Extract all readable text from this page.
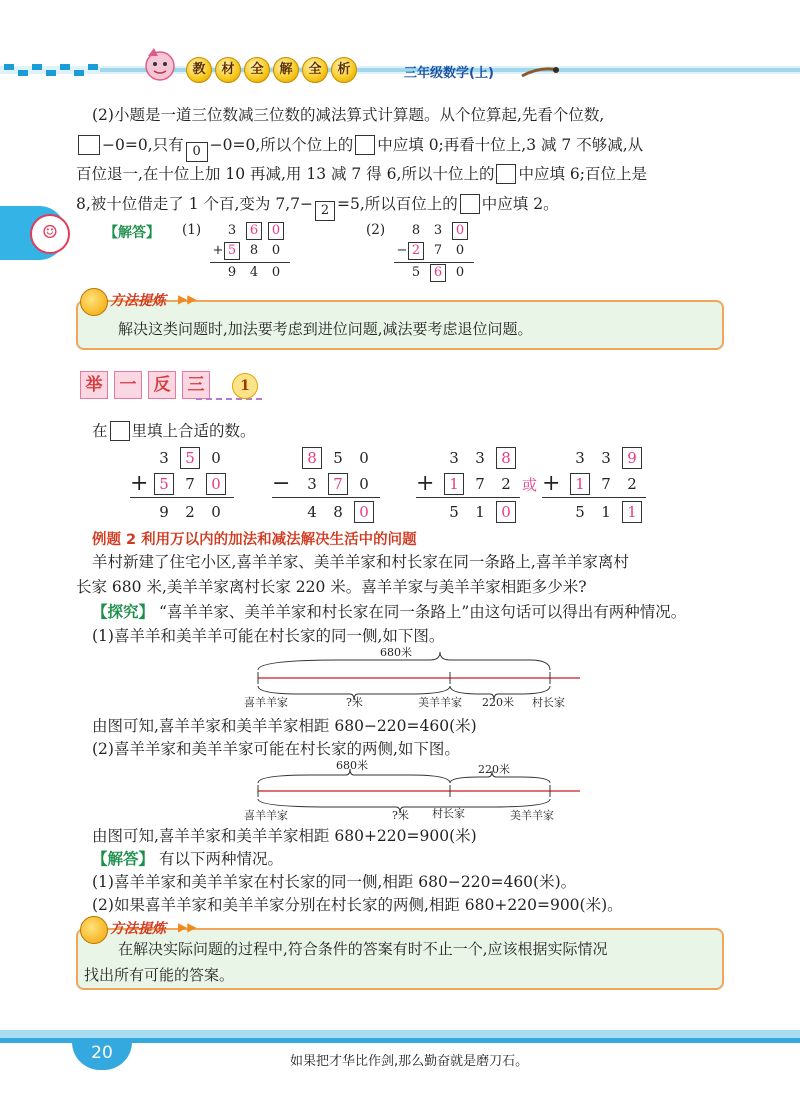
教	材	全	解	全	析	三年级数学(上)
☺
(2)小题是一道三位数减三位数的减法算式计算题。从个位算起,先看个位数,
−0=0,只有 0 −0=0,所以个位上的 中应填 0;再看十位上,3 减 7 不够减,从
百位退一,在十位上加 10 再减,用 13 减 7 得 6,所以十位上的 中应填 6;百位上是
8,被十位借走了 1 个百,变为 7,7− 2 =5,所以百位上的 中应填 2。
【解答】 (1) 3 6 0
+ 5 8 0
9 4 0
(2) 8 3 0
− 2 7 0
5 6 0
方法提炼 ▶▶
解决这类问题时,加法要考虑到进位问题,减法要考虑退位问题。
举	一	反	三	1
在 里填上合适的数。
3	5	0
+ 5	7	0
9	2	0
8	5	0
−	3	7	0
4	8	0
3	3	8
+ 1	7	2
5	1	0
或
3	3	9
+ 1	7	2
5	1	1
例题 2 利用万以内的加法和减法解决生活中的问题
羊村新建了住宅小区,喜羊羊家、美羊羊家和村长家在同一条路上,喜羊羊家离村
长家 680 米,美羊羊家离村长家 220 米。喜羊羊家与美羊羊家相距多少米?
【探究】 “喜羊羊家、美羊羊家和村长家在同一条路上”由这句话可以得出有两种情况。
(1)喜羊羊和美羊羊可能在村长家的同一侧,如下图。
680米
喜羊羊家	?米	美羊羊家 220米 村长家
由图可知,喜羊羊家和美羊羊家相距 680−220=460(米)
(2)喜羊羊家和美羊羊家可能在村长家的两侧,如下图。
680米	220米
喜羊羊家	?米 村长家	美羊羊家
由图可知,喜羊羊家和美羊羊家相距 680+220=900(米)
【解答】 有以下两种情况。
(1)喜羊羊家和美羊羊家在村长家的同一侧,相距 680−220=460(米)。
(2)如果喜羊羊家和美羊羊家分别在村长家的两侧,相距 680+220=900(米)。
方法提炼 ▶▶
在解决实际问题的过程中,符合条件的答案有时不止一个,应该根据实际情况
找出所有可能的答案。
20	如果把才华比作剑,那么勤奋就是磨刀石。
